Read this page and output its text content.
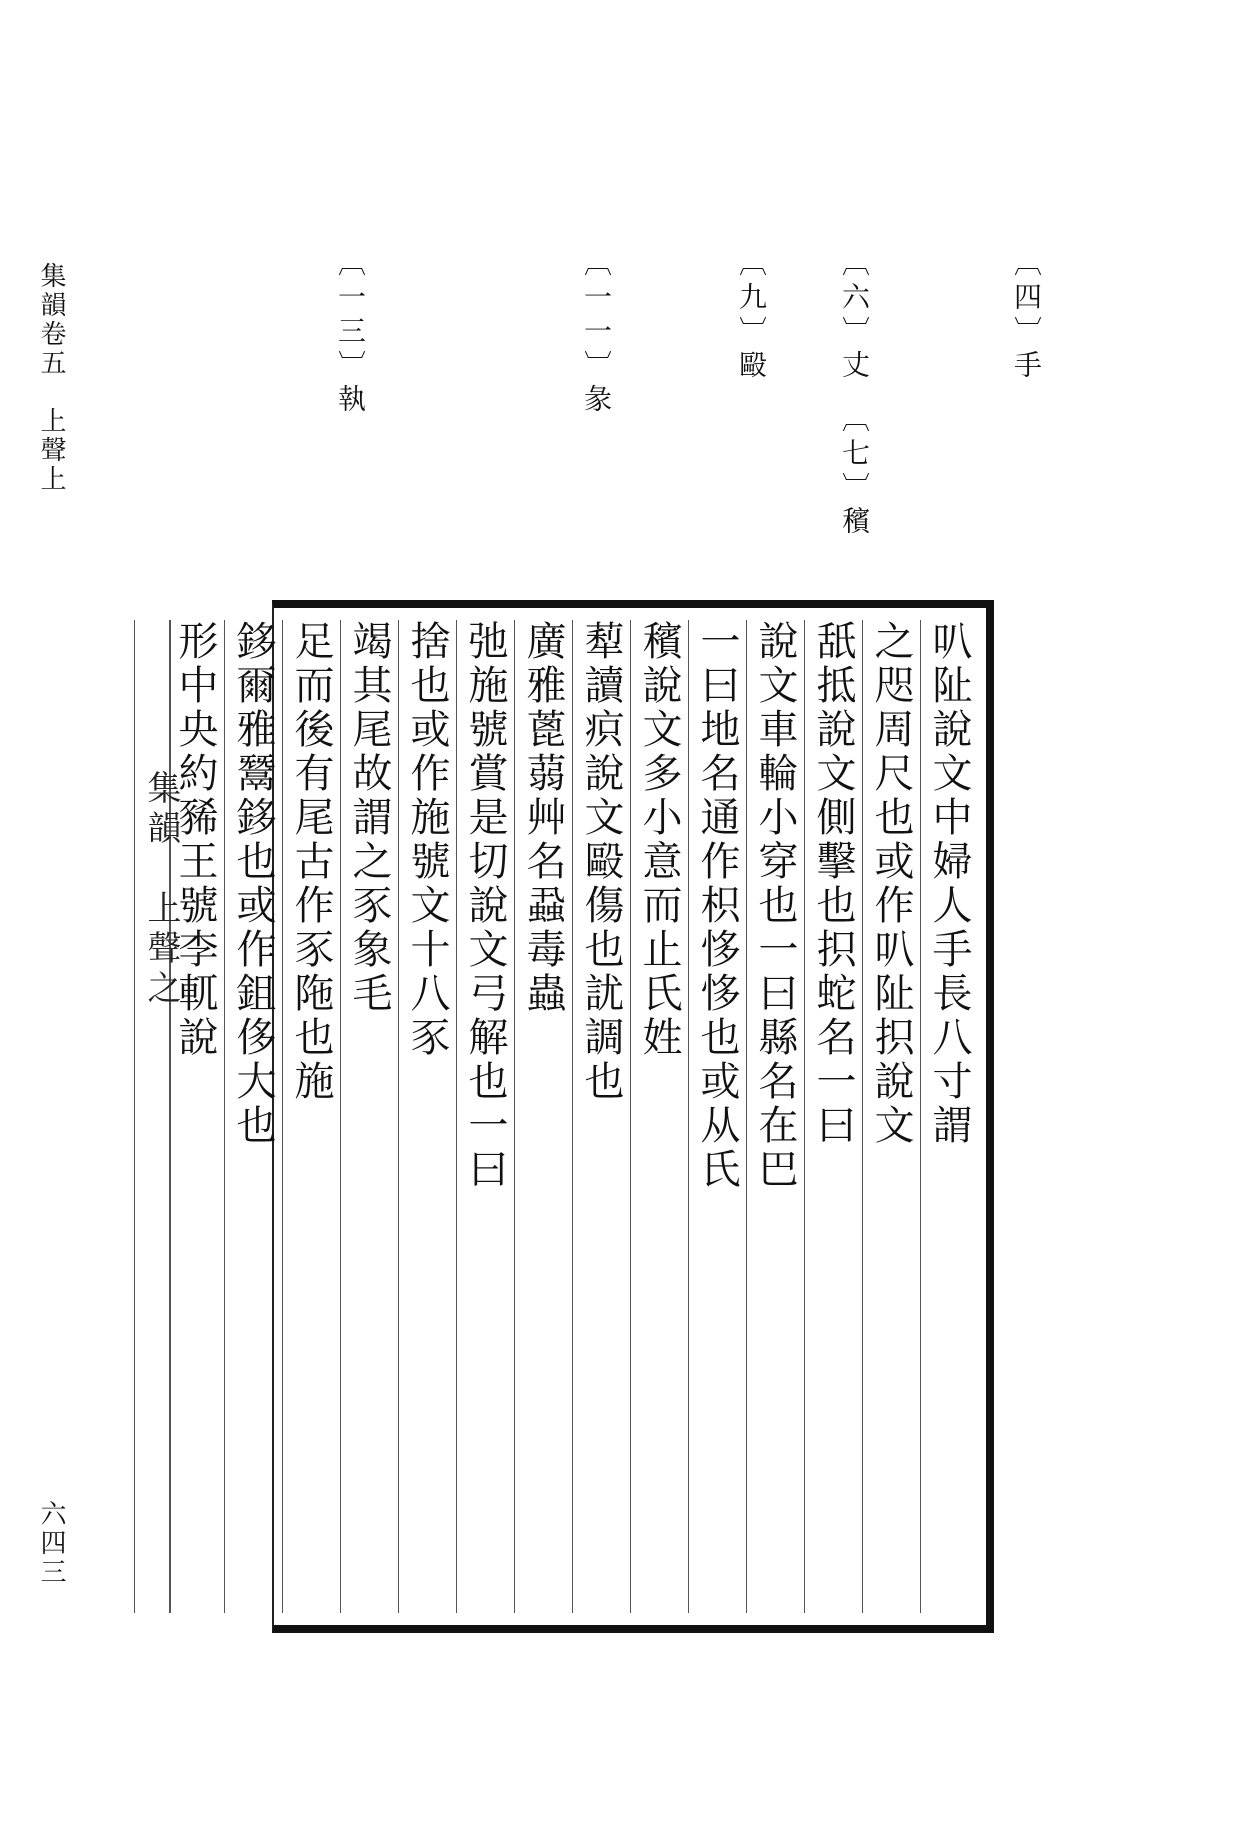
集韻卷五　上聲上
六四三
〔四〕手
〔六〕丈　〔七〕穦
〔九〕毆
〔一一〕彖
〔一三〕執
叭阯說文中婦人手長八寸謂
之咫周尺也或作叭阯抧說文
舐抵說文側擊也抧蛇名一曰
說文車輪小穿也一曰縣名在巴
一曰地名通作枳恀恀也或从氏
穦說文多小意而止氏姓
䔣讀疻說文毆傷也訧調也
廣雅蓖蒻艸名蝨毒蟲
弛施號賞是切說文弓解也一曰
捨也或作施號文十八豕
竭其尾故謂之豕象毛
足而後有尾古作豕陁也施
鉹爾雅鬵鉹也或作鉏侈大也
形中央約豨王號李軏說
集韻　上聲之
